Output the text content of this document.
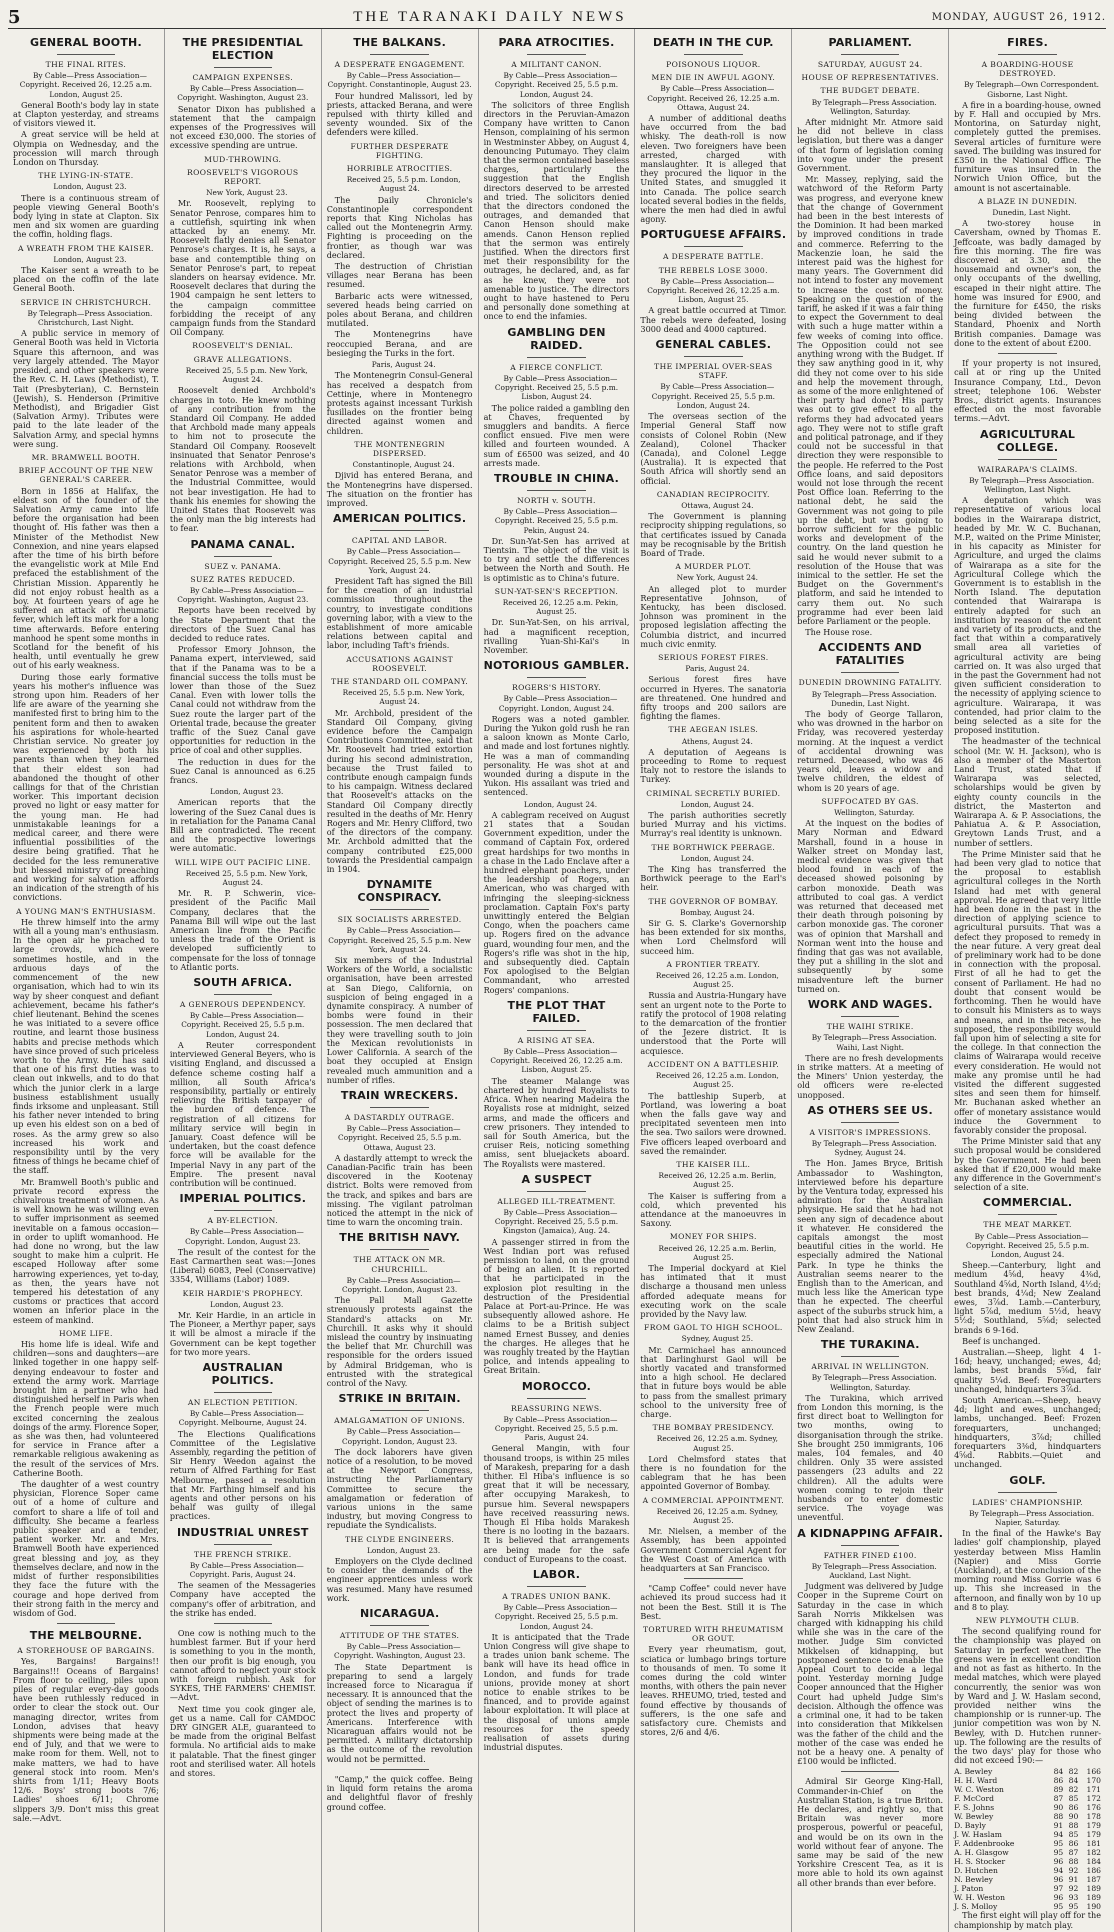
5	THE TARANAKI DAILY NEWS	MONDAY, AUGUST 26, 1912.
GENERAL BOOTH.
THE FINAL RITES.

By Cable—Press Association—Copyright. Received 26, 12.25 a.m. London, August 25.

General Booth's body lay in state at Clapton yesterday, and streams of visitors viewed it.

A great service will be held at Olympia on Wednesday, and the procession will march through London on Thursday.

THE LYING-IN-STATE.

London, August 23.

There is a continuous stream of people viewing General Booth's body lying in state at Clapton. Six men and six women are guarding the coffin, holding flags.

A WREATH FROM THE KAISER.

London, August 23.

The Kaiser sent a wreath to be placed on the coffin of the late General Booth.

SERVICE IN CHRISTCHURCH.

By Telegraph—Press Association. Christchurch, Last Night.

A public service in memory of General Booth was held in Victoria Square this afternoon, and was very largely attended. The Mayor presided, and other speakers were the Rev. C. H. Laws (Methodist), T. Tait (Presbyterian), C. Bernstein (Jewish), S. Henderson (Primitive Methodist), and Brigadier Gist (Salvation Army). Tributes were paid to the late leader of the Salvation Army, and special hymns were sung.

MR. BRAMWELL BOOTH.
BRIEF ACCOUNT OF THE NEW GENERAL'S CAREER.

Born in 1856 at Halifax, the eldest son of the founder of the Salvation Army came into life before the organisation had been thought of. His father was then a Minister of the Methodist New Connexion, and nine years elapsed after the time of his birth before the evangelistic work at Mile End prefaced the establishment of the Christian Mission. Apparently he did not enjoy robust health as a boy. At fourteen years of age he suffered an attack of rheumatic fever, which left its mark for a long time afterwards. Before entering manhood he spent some months in Scotland for the benefit of his health, until eventually he grew out of his early weakness.

During those early formative years his mother's influence was strong upon him. Readers of her life are aware of the yearning she manifested first to bring him to the penitent form and then to awaken his aspirations for whole-hearted Christian service. No greater joy was experienced by both his parents than when they learned that their eldest son had abandoned the thought of other callings for that of the Christian worker. This important decision proved no light or easy matter for the young man. He had unmistakable leanings for a medical career, and there were influential possibilities of the desire being gratified. That he decided for the less remunerative but blessed ministry of preaching and working for salvation affords an indication of the strength of his convictions.

A YOUNG MAN'S ENTHUSIASM.

He threw himself into the army with all a young man's enthusiasm. In the open air he preached to large crowds, which were sometimes hostile, and in the arduous days of the commencement of the new organisation, which had to win its way by sheer conquest and defiant achievement, became his father's chief lieutenant. Behind the scenes he was initiated to a severe office routine, and learnt those business habits and precise methods which have since proved of such priceless worth to the Army. He has said that one of his first duties was to clean out inkwells, and to do that which the junior clerk in a large business establishment usually finds irksome and unpleasant. Still his father never intended to bring up even his eldest son on a bed of roses. As the army grew so also increased his work and responsibility until by the very fitness of things he became chief of the staff.

Mr. Bramwell Booth's public and private record express the chivalrous treatment of women. As is well known he was willing even to suffer imprisonment as seemed inevitable on a famous occasion—in order to uplift womanhood. He had done no wrong, but the law sought to make him a culprit. He escaped Holloway after some harrowing experiences, yet to-day, as then, the years have not tempered his detestation of any customs or practices that accord women an inferior place in the esteem of mankind.

HOME LIFE.

His home life is ideal. Wife and children—sons and daughters—are linked together in one happy self-denying endeavour to foster and extend the army work. Marriage brought him a partner who had distinguished herself in Paris when the French people were much excited concerning the zealous doings of the army. Florence Soper, as she was then, had volunteered for service in France after a remarkable religious awakening as the result of the services of Mrs. Catherine Booth.

The daughter of a west country physician, Florence Soper came out of a home of culture and comfort to share a life of toil and difficulty. She became a fearless public speaker and a tender, patient worker. Mr. and Mrs. Bramwell Booth have experienced great blessing and joy, as they themselves declare, and now in the midst of further responsibilities they face the future with the courage and hope derived from their strong faith in the mercy and wisdom of God.

THE MELBOURNE.
A STOREHOUSE OF BARGAINS.

Yes, Bargains! Bargains!! Bargains!!! Oceans of Bargains! From floor to ceiling, piles upon piles of regular every-day goods have been ruthlessly reduced in order to clear the stock out. Our managing director, writes from London, advises that heavy shipments were being made at the end of July, and that we were to make room for them. Well, not to make matters, we had to have general stock into room. Men's shirts from 1/11; Heavy Boots 12/6. Boys' strong boots 7/6; Ladies' shoes 6/11; Chrome slippers 3/9. Don't miss this great sale.—Advt.

THE PRESIDENTIAL ELECTION
CAMPAIGN EXPENSES.

By Cable—Press Association—Copyright. Washington, August 23.

Senator Dixon has published a statement that the campaign expenses of the Progressives will not exceed £30,000. The stories of excessive spending are untrue.

MUD-THROWING.
ROOSEVELT'S VIGOROUS REPORT.

New York, August 23.

Mr. Roosevelt, replying to Senator Penrose, compares him to a cuttlefish, squirting ink when attacked by an enemy. Mr. Roosevelt flatly denies all Senator Penrose's charges. It is, he says, a base and contemptible thing on Senator Penrose's part, to repeat slanders on hearsay evidence. Mr. Roosevelt declares that during the 1904 campaign he sent letters to the campaign committee forbidding the receipt of any campaign funds from the Standard Oil Company.

ROOSEVELT'S DENIAL.
GRAVE ALLEGATIONS.

Received 25, 5.5 p.m. New York, August 24.

Roosevelt denied Archbold's charges in toto. He knew nothing of any contribution from the Standard Oil Company. He added that Archbold made many appeals to him not to prosecute the Standard Oil Company. Roosevelt insinuated that Senator Penrose's relations with Archbold, when Senator Penrose was a member of the Industrial Committee, would not bear investigation. He had to thank his enemies for showing the United States that Roosevelt was the only man the big interests had to fear.

PANAMA CANAL.
SUEZ v. PANAMA.
SUEZ RATES REDUCED.

By Cable—Press Association—Copyright. Washington, August 23.

Reports have been received by the State Department that the directors of the Suez Canal has decided to reduce rates.

Professor Emory Johnson, the Panama expert, interviewed, said that if the Panama was to be a financial success the tolls must be lower than those of the Suez Canal. Even with lower tolls the Canal could not withdraw from the Suez route the larger part of the Oriental trade, because the greater traffic of the Suez Canal gave opportunities for reduction in the price of coal and other supplies.

The reduction in dues for the Suez Canal is announced as 6.25 francs.

London, August 23.

American reports that the lowering of the Suez Canal dues is in retaliation for the Panama Canal Bill are contradicted. The recent and the prospective lowerings were automatic.

WILL WIPE OUT PACIFIC LINE.

Received 25, 5.5 p.m. New York, August 24.

Mr. R. P. Schwerin, vice-president of the Pacific Mail Company, declares that the Panama Bill will wipe out the last American line from the Pacific unless the trade of the Orient is developed sufficiently to compensate for the loss of tonnage to Atlantic ports.

SOUTH AFRICA.
A GENEROUS DEPENDENCY.

By Cable—Press Association—Copyright. Received 25, 5.5 p.m. London, August 24.

A Reuter correspondent interviewed General Beyers, who is visiting England, and discussed a defence scheme costing half a million, all South Africa's responsibility, partially or entirely relieving the British taxpayer of the burden of defence. The registration of all citizens for military service will begin in January. Coast defence will be undertaken, but the coast defence force will be available for the Imperial Navy in any part of the Empire. The present naval contribution will be continued.

IMPERIAL POLITICS.
A BY-ELECTION.

By Cable—Press Association—Copyright. London, August 23.

The result of the contest for the East Carmarthen seat was:—Jones (Liberal) 6083, Peel (Conservative) 3354, Williams (Labor) 1089.

KEIR HARDIE'S PROPHECY.

London, August 23.

Mr. Keir Hardie, in an article in The Pioneer, a Merthyr paper, says it will be almost a miracle if the Government can be kept together for two more years.

AUSTRALIAN POLITICS.
AN ELECTION PETITION.

By Cable—Press Association—Copyright. Melbourne, August 24.

The Elections Qualifications Committee of the Legislative Assembly, regarding the petition of Sir Henry Weedon against the return of Alfred Farthing for East Melbourne, passed a resolution that Mr. Farthing himself and his agents and other persons on his behalf was guilty of illegal practices.

INDUSTRIAL UNREST
THE FRENCH STRIKE.

By Cable—Press Association—Copyright. Paris, August 24.

The seamen of the Messageries Company have accepted the company's offer of arbitration, and the strike has ended.

One cow is nothing much to the humblest farmer. But if your herd is something to you in the month, then our profit is big enough, you cannot afford to neglect your stock with foreign rubbish. Ask for SYKES, THE FARMERS' CHEMIST.—Advt.

Next time you cook ginger ale, get us a name. Call for CAMDOC DRY GINGER ALE, guaranteed to be made from the original Belfast formula. No artificial aids to make it palatable. That the finest ginger root and sterilised water. All hotels and stores.

THE BALKANS.
A DESPERATE ENGAGEMENT.

By Cable—Press Association—Copyright. Constantinople, August 23.

Four hundred Malissori, led by priests, attacked Berana, and were repulsed with thirty killed and seventy wounded. Six of the defenders were killed.

FURTHER DESPERATE FIGHTING.
HORRIBLE ATROCITIES.

Received 25, 5.5 p.m. London, August 24.

The Daily Chronicle's Constantinople correspondent reports that King Nicholas has called out the Montenegrin Army. Fighting is proceeding on the frontier, as though war was declared.

The destruction of Christian villages near Berana has been resumed.

Barbaric acts were witnessed, severed heads being carried on poles about Berana, and children mutilated.

The Montenegrins have reoccupied Berana, and are besieging the Turks in the fort.

Paris, August 24.

The Montenegrin Consul-General has received a despatch from Cettinje, where in Montenegro protests against incessant Turkish fusillades on the frontier being directed against women and children.

THE MONTENEGRIN DISPERSED.

Constantinople, August 24.

Djivid has entered Berana, and the Montenegrins have dispersed. The situation on the frontier has improved.

AMERICAN POLITICS.
CAPITAL AND LABOR.

By Cable—Press Association—Copyright. Received 25, 5.5 p.m. New York, August 24.

President Taft has signed the Bill for the creation of an industrial commission throughout the country, to investigate conditions governing labor, with a view to the establishment of more amicable relations between capital and labor, including Taft's friends.

ACCUSATIONS AGAINST ROOSEVELT.
THE STANDARD OIL COMPANY.

Received 25, 5.5 p.m. New York, August 24.

Mr. Archbold, president of the Standard Oil Company, giving evidence before the Campaign Contributions Committee, said that Mr. Roosevelt had tried extortion during his second administration, because the Trust failed to contribute enough campaign funds to his campaign. Witness declared that Roosevelt's attacks on the Standard Oil Company directly resulted in the deaths of Mr. Henry Rogers and Mr. Henry Clifford, two of the directors of the company. Mr. Archbold admitted that the company contributed £25,000 towards the Presidential campaign in 1904.

DYNAMITE CONSPIRACY.
SIX SOCIALISTS ARRESTED.

By Cable—Press Association—Copyright. Received 25, 5.5 p.m. New York, August 24.

Six members of the Industrial Workers of the World, a socialistic organisation, have been arrested at San Diego, California, on suspicion of being engaged in a dynamite conspiracy. A number of bombs were found in their possession. The men declared that they were travelling south to join the Mexican revolutionists in Lower California. A search of the boat they occupied at Ensign revealed much ammunition and a number of rifles.

TRAIN WRECKERS.
A DASTARDLY OUTRAGE.

By Cable—Press Association—Copyright. Received 25, 5.5 p.m. Ottawa, August 23.

A dastardly attempt to wreck the Canadian-Pacific train has been discovered in the Kootenay district. Bolts were removed from the track, and spikes and bars are missing. The vigilant patrolman noticed the attempt in the nick of time to warn the oncoming train.

THE BRITISH NAVY.
THE ATTACK ON MR. CHURCHILL.

By Cable—Press Association—Copyright. London, August 23.

The Pall Mall Gazette strenuously protests against the Standard's attacks on Mr. Churchill. It asks why it should mislead the country by insinuating the belief that Mr. Churchill was responsible for the orders issued by Admiral Bridgeman, who is entrusted with the strategical control of the Navy.

STRIKE IN BRITAIN.
AMALGAMATION OF UNIONS.

By Cable—Press Association—Copyright. London, August 23.

The dock laborers have given notice of a resolution, to be moved at the Newport Congress, instructing the Parliamentary Committee to secure the amalgamation or federation of various unions in the same industry, but moving Congress to repudiate the Syndicalists.

THE CLYDE ENGINEERS.

London, August 23.

Employers on the Clyde declined to consider the demands of the engineer apprentices unless work was resumed. Many have resumed work.

NICARAGUA.
ATTITUDE OF THE STATES.

By Cable—Press Association—Copyright. Washington, August 23.

The State Department is preparing to send a largely increased force to Nicaragua if necessary. It is announced that the object of sending the marines is to protect the lives and property of Americans. Interference with Nicaraguan affairs would not be permitted. A military dictatorship as the outcome of the revolution would not be permitted.

"Camp," the quick coffee. Being in liquid form retains the aroma and delightful flavor of freshly ground coffee.

PARA ATROCITIES.
A MILITANT CANON.

By Cable—Press Association—Copyright. Received 25, 5.5 p.m. London, August 24.

The solicitors of three English directors in the Peruvian-Amazon Company have written to Canon Henson, complaining of his sermon in Westminster Abbey, on August 4, denouncing Putumayo. They claim that the sermon contained baseless charges, particularly the suggestion that the English directors deserved to be arrested and tried. The solicitors denied that the directors condoned the outrages, and demanded that Canon Henson should make amends. Canon Henson replied that the sermon was entirely justified. When the directors first met their responsibility for the outrages, he declared, and, as far as he knew, they were not amenable to justice. The directors ought to have hastened to Peru and personally done something at once to end the infamies.

GAMBLING DEN RAIDED.
A FIERCE CONFLICT.

By Cable—Press Association—Copyright. Received 25, 5.5 p.m. Lisbon, August 24.

The police raided a gambling den at Chaves, frequented by smugglers and bandits. A fierce conflict ensued. Five men were killed and fourteen wounded. A sum of £6500 was seized, and 40 arrests made.

TROUBLE IN CHINA.
NORTH v. SOUTH.

By Cable—Press Association—Copyright. Received 25, 5.5 p.m. Pekin, August 24.

Dr. Sun-Yat-Sen has arrived at Tientsin. The object of the visit is to try and settle the differences between the North and South. He is optimistic as to China's future.

SUN-YAT-SEN'S RECEPTION.

Received 26, 12.25 a.m. Pekin, August 25.

Dr. Sun-Yat-Sen, on his arrival, had a magnificent reception, rivalling Yuan-Shi-Kai's in November.

NOTORIOUS GAMBLER.
ROGERS'S HISTORY.

By Cable—Press Association—Copyright. London, August 24.

Rogers was a noted gambler. During the Yukon gold rush he ran a saloon known as Monte Carlo, and made and lost fortunes nightly. He was a man of commanding personality. He was shot at and wounded during a dispute in the Yukon. His assailant was tried and sentenced.

London, August 24.

A cablegram received on August 21 states that a Soudan Government expedition, under the command of Captain Fox, ordered great hardships for two months in a chase in the Lado Enclave after a hundred elephant poachers, under the leadership of Rogers, an American, who was charged with infringing the sleeping-sickness proclamation. Captain Fox's party unwittingly entered the Belgian Congo, when the poachers came up. Rogers fired on the advance guard, wounding four men, and the Rogers's rifle was shot in the hip, and subsequently died. Captain Fox apologised to the Belgian Commandant, who arrested Rogers' companions.

THE PLOT THAT FAILED.
A RISING AT SEA.

By Cable—Press Association—Copyright. Received 26, 12.25 a.m. Lisbon, August 25.

The steamer Malange was chartered by hundred Royalists to Africa. When nearing Madeira the Royalists rose at midnight, seized arms, and made the officers and crew prisoners. They intended to sail for South America, but the cruiser Reis, noticing something amiss, sent bluejackets aboard. The Royalists were mastered.

A SUSPECT
ALLEGED ILL-TREATMENT.

By Cable—Press Association—Copyright. Received 25, 5.5 p.m. Kingston (Jamaica), Aug. 24.

A passenger stirred in from the West Indian port was refused permission to land, on the ground of being an alien. It is reported that he participated in the explosion plot resulting in the destruction of the Presidential Palace at Port-au-Prince. He was subsequently allowed ashore. He claims to be a British subject named Ernest Bussey, and denies the charges. He alleges that he was roughly treated by the Haytian police, and intends appealing to Great Britain.

MOROCCO.
REASSURING NEWS.

By Cable—Press Association—Copyright. Received 25, 5.5 p.m. Paris, August 24.

General Mangin, with four thousand troops, is within 25 miles of Marakesh, preparing for a dash thither. El Hiba's influence is so great that it will be necessary, after occupying Marakesh, to pursue him. Several newspapers have received reassuring news. Though El Hiba holds Marakesh there is no looting in the bazaars. It is believed that arrangements are being made for the safe conduct of Europeans to the coast.

LABOR.
A TRADES UNION BANK.

By Cable—Press Association—Copyright. Received 25, 5.5 p.m. London, August 24.

It is anticipated that the Trade Union Congress will give shape to a trades union bank scheme. The bank will have its head office in London, and funds for trade unions, provide money at short notice to enable strikes to be financed, and to provide against labour exploitation. It will place at the disposal of unions ample resources for the speedy realisation of assets during industrial disputes.

DEATH IN THE CUP.
POISONOUS LIQUOR.
MEN DIE IN AWFUL AGONY.

By Cable—Press Association—Copyright. Received 26, 12.25 a.m. Ottawa, August 24.

A number of additional deaths have occurred from the bad whisky. The death-roll is now eleven. Two foreigners have been arrested, charged with manslaughter. It is alleged that they procured the liquor in the United States, and smuggled it into Canada. The police search located several bodies in the fields, where the men had died in awful agony.

PORTUGUESE AFFAIRS.
A DESPERATE BATTLE.
THE REBELS LOSE 3000.

By Cable—Press Association—Copyright. Received 26, 12.25 a.m. Lisbon, August 25.

A great battle occurred at Timor. The rebels were defeated, losing 3000 dead and 4000 captured.

GENERAL CABLES.
THE IMPERIAL OVER-SEAS STAFF.

By Cable—Press Association—Copyright. Received 25, 5.5 p.m. London, August 24.

The overseas section of the Imperial General Staff now consists of Colonel Robin (New Zealand), Colonel Thacker (Canada), and Colonel Legge (Australia). It is expected that South Africa will shortly send an official.

CANADIAN RECIPROCITY.

Ottawa, August 24.

The Government is planning reciprocity shipping regulations, so that certificates issued by Canada may be recognisable by the British Board of Trade.

A MURDER PLOT.

New York, August 24.

An alleged plot to murder Representative Johnson, of Kentucky, has been disclosed. Johnson was prominent in the proposed legislation affecting the Columbia district, and incurred much civic enmity.

SERIOUS FOREST FIRES.

Paris, August 24.

Serious forest fires have occurred in Hyeres. The sanatoria are threatened. One hundred and fifty troops and 200 sailors are fighting the flames.

THE AEGEAN ISLES.

Athens, August 24.

A deputation of Aegeans is proceeding to Rome to request Italy not to restore the islands to Turkey.

CRIMINAL SECRETLY BURIED.

London, August 24.

The parish authorities secretly buried Murray and his victims. Murray's real identity is unknown.

THE BORTHWICK PEERAGE.

London, August 24.

The King has transferred the Borthwick peerage to the Earl's heir.

THE GOVERNOR OF BOMBAY.

Bombay, August 24.

Sir G. S. Clarke's Governorship has been extended for six months, when Lord Chelmsford will succeed him.

A FRONTIER TREATY.

Received 26, 12.25 a.m. London, August 25.

Russia and Austria-Hungary have sent an urgent note to the Porte to ratify the protocol of 1908 relating to the demarcation of the frontier of the Jezere district. It is understood that the Porte will acquiesce.

ACCIDENT ON A BATTLESHIP.

Received 26, 12.25 a.m. London, August 25.

The battleship Superb, at Portland, was lowering a boat when the falls gave way and precipitated seventeen men into the sea. Two sailors were drowned. Five officers leaped overboard and saved the remainder.

THE KAISER ILL.

Received 26, 12.25 a.m. Berlin, August 25.

The Kaiser is suffering from a cold, which prevented his attendance at the manoeuvres in Saxony.

MONEY FOR SHIPS.

Received 26, 12.25 a.m. Berlin, August 25.

The Imperial dockyard at Kiel has intimated that it must discharge a thousand men unless afforded adequate means for executing work on the scale provided by the Navy law.

FROM GAOL TO HIGH SCHOOL.

Sydney, August 25.

Mr. Carmichael has announced that Darlinghurst Gaol will be shortly vacated and transformed into a high school. He declared that in future boys would be able to pass from the smallest primary school to the university free of charge.

THE BOMBAY PRESIDENCY.

Received 26, 12.25 a.m. Sydney, August 25.

Lord Chelmsford states that there is no foundation for the cablegram that he has been appointed Governor of Bombay.

A COMMERCIAL APPOINTMENT.

Received 26, 12.25 a.m. Sydney, August 25.

Mr. Nielsen, a member of the Assembly, has been appointed Government Commercial Agent for the West Coast of America with headquarters at San Francisco.

"Camp Coffee" could never have achieved its proud success had it not been the Best. Still it is The Best.

TORTURED WITH RHEUMATISM OR GOUT.

Every year rheumatism, gout, sciatica or lumbago brings torture to thousands of men. To some it comes during the cold winter months, with others the pain never leaves. RHEUMO, tried, tested and found effective by thousands of sufferers, is the one safe and satisfactory cure. Chemists and stores, 2/6 and 4/6.

PARLIAMENT.
SATURDAY, AUGUST 24.
HOUSE OF REPRESENTATIVES.
THE BUDGET DEBATE.

By Telegraph—Press Association. Wellington, Saturday.

After midnight Mr. Atmore said he did not believe in class legislation, but there was a danger of that form of legislation coming into vogue under the present Government.

Mr. Massey, replying, said the watchword of the Reform Party was progress, and everyone knew that the change of Government had been in the best interests of the Dominion. It had been marked by improved conditions in trade and commerce. Referring to the Mackenzie loan, he said the interest paid was the highest for many years. The Government did not intend to foster any movement to increase the cost of money. Speaking on the question of the tariff, he asked if it was a fair thing to expect the Government to deal with such a huge matter within a few weeks of coming into office. The Opposition could not see anything wrong with the Budget. If they saw anything good in it, why did they not come over to his side and help the movement through, as some of the more enlightened of their party had done? His party was out to give effect to all the reforms they had advocated years ago. They were not to stifle graft and political patronage, and if they could not be successful in that direction they were responsible to the people. He referred to the Post Office loans, and said depositors would not lose through the recent Post Office loan. Referring to the national debt, he said the Government was not going to pile up the debt, but was going to borrow sufficient for the public works and development of the country. On the land question he said he would never submit to a resolution of the House that was inimical to the settler. He set the Budget on the Government's platform, and said he intended to carry them out. No such programme had ever been laid before Parliament or the people.

The House rose.

ACCIDENTS AND FATALITIES
DUNEDIN DROWNING FATALITY.

By Telegraph—Press Association. Dunedin, Last Night.

The body of George Tallaron, who was drowned in the harbor on Friday, was recovered yesterday morning. At the inquest a verdict of accidental drowning was returned. Deceased, who was 46 years old, leaves a widow and twelve children, the eldest of whom is 20 years of age.

SUFFOCATED BY GAS.

Wellington, Saturday.

At the inquest on the bodies of Mary Norman and Edward Marshall, found in a house in Walker street on Monday last, medical evidence was given that blood found in each of the deceased showed poisoning by carbon monoxide. Death was attributed to coal gas. A verdict was returned that deceased met their death through poisoning by carbon monoxide gas. The coroner was of opinion that Marshall and Norman went into the house and finding that gas was not available, they put a shilling in the slot and subsequently by some misadventure left the burner turned on.

WORK AND WAGES.
THE WAIHI STRIKE.

By Telegraph—Press Association. Waihi, Last Night.

There are no fresh developments in strike matters. At a meeting of the Miners' Union yesterday, the old officers were re-elected unopposed.

AS OTHERS SEE US.
A VISITOR'S IMPRESSIONS.

By Telegraph—Press Association. Sydney, August 24.

The Hon. James Bryce, British Ambassador to Washington, interviewed before his departure by the Ventura today, expressed his admiration for the Australian physique. He said that he had not seen any sign of decadence about it whatever. He considered the capitals amongst the most beautiful cities in the world. He especially admired the National Park. In type he thinks the Australian seems nearer to the English than to the American, and much less like the American type than he expected. The cheerful aspect of the suburbs struck him, a point that had also struck him in New Zealand.

THE TURAKINA.
ARRIVAL IN WELLINGTON.

By Telegraph—Press Association. Wellington, Saturday.

The Turakina, which arrived from London this morning, is the first direct boat to Wellington for two months, owing to disorganisation through the strike. She brought 250 immigrants, 106 males, 104 females, and 40 children. Only 35 were assisted passengers (23 adults and 22 children). All the adults were women coming to rejoin their husbands or to enter domestic service. The voyage was uneventful.

A KIDNAPPING AFFAIR.
FATHER FINED £100.

By Telegraph—Press Association. Auckland, Last Night.

Judgment was delivered by Judge Cooper in the Supreme Court on Saturday in the case in which Sarah Norris Mikkelsen was charged with kidnapping his child while she was in the care of the mother. Judge Sim convicted Mikkelsen of kidnapping, but postponed sentence to enable the Appeal Court to decide a legal point. Yesterday morning Judge Cooper announced that the Higher Court had upheld Judge Sim's decision. Although the offence was a criminal one, it had to be taken into consideration that Mikkelsen was the father of the child and the mother of the case was ended he not be a heavy one. A penalty of £100 would be inflicted.

Admiral Sir George King-Hall, Commander-in-Chief on the Australian Station, is a true Briton. He declares, and rightly so, that Britain was never more prosperous, powerful or peaceful, and would be on its own in the world without fear of anyone. The same may be said of the new Yorkshire Crescent Tea, as it is more able to hold its own against all other brands than ever before.

FIRES.
A BOARDING-HOUSE DESTROYED.

By Telegraph—Own Correspondent. Gisborne, Last Night.

A fire in a boarding-house, owned by F. Hall and occupied by Mrs. Montorina, on Saturday night, completely gutted the premises. Several articles of furniture were saved. The building was insured for £350 in the National Office. The furniture was insured in the Norwich Union Office, but the amount is not ascertainable.

A BLAZE IN DUNEDIN.

Dunedin, Last Night.

A two-storey house in Caversham, owned by Thomas E. Jeffcoate, was badly damaged by fire this morning. The fire was discovered at 3.30, and the housemaid and owner's son, the only occupants of the dwelling, escaped in their night attire. The home was insured for £900, and the furniture for £450, the risks being divided between the Standard, Phoenix and North British companies. Damage was done to the extent of about £200.

If your property is not insured, call at or ring up the United Insurance Company, Ltd., Devon street; telephone 106. Webster Bros., district agents. Insurances effected on the most favorable terms.—Advt.

AGRICULTURAL COLLEGE.
WAIRARAPA'S CLAIMS.

By Telegraph—Press Association. Wellington, Last Night.

A deputation which was representative of various local bodies in the Wairarapa district, headed by Mr. W. C. Buchanan, M.P., waited on the Prime Minister, in his capacity as Minister for Agriculture, and urged the claims of Wairarapa as a site for the Agricultural College which the Government is to establish in the North Island. The deputation contended that Wairarapa is entirely adapted for such an institution by reason of the extent and variety of its products, and the fact that within a comparatively small area all varieties of agricultural activity are being carried on. It was also urged that in the past the Government had not given sufficient consideration to the necessity of applying science to agriculture. Wairarapa, it was contended, had prior claim to the being selected as a site for the proposed institution.

The headmaster of the technical school (Mr. W. H. Jackson), who is also a member of the Masterton Land Trust, stated that if Wairarapa was selected, scholarships would be given by eighty county councils in the district, the Masterton and Wairarapa A. & P. Associations, the Pahiatua A. & P. Association, Greytown Lands Trust, and a number of settlers.

The Prime Minister said that he had been very glad to notice that the proposal to establish agricultural colleges in the North Island had met with general approval. He agreed that very little had been done in the past in the direction of applying science to agricultural pursuits. That was a defect they proposed to remedy in the near future. A very great deal of preliminary work had to be done in connection with the proposal. First of all he had to get the consent of Parliament. He had no doubt that consent would be forthcoming. Then he would have to consult his Ministers as to ways and means, and in the recess, he supposed, the responsibility would fall upon him of selecting a site for the college. In that connection the claims of Wairarapa would receive every consideration. He would not make any promise until he had visited the different suggested sites and seen them for himself. Mr. Buchanan asked whether an offer of monetary assistance would induce the Government to favorably consider the proposal.

The Prime Minister said that any such proposal would be considered by the Government. He had been asked that if £20,000 would make any difference in the Government's selection of a site.

COMMERCIAL.
THE MEAT MARKET.

By Cable—Press Association—Copyright. Received 25, 5.5 p.m. London, August 24.

Sheep.—Canterbury, light and medium 4⅝d, heavy 4⅜d, Southland 4⅝d, North Island, 4½d; best brands, 4¼d; New Zealand ewes, 3⅞d. Lamb.—Canterbury, light 5⅞d, medium 5½d, heavy 5½d; Southland, 5⅝d; selected brands 6 9-16d.

Beef is unchanged.

Australian.—Sheep, light 4 1-16d; heavy, unchanged; ewes, 4d; lambs, best brands 5⅝d, fair quality 5¼d. Beef: Forequarters unchanged, hindquarters 3⅞d.

South American.—Sheep, heavy 4d; light and ewes, unchanged; lambs, unchanged. Beef: Frozen forequarters, unchanged; hindquarters, 3⅞d; chilled forequarters 3⅜d, hindquarters 4⅝d. Rabbits.—Quiet and unchanged.

GOLF.
LADIES' CHAMPIONSHIP.

By Telegraph—Press Association. Napier, Saturday.

In the final of the Hawke's Bay ladies' golf championship, played yesterday between Miss Hamlin (Napier) and Miss Gorrie (Auckland), at the conclusion of the morning round Miss Gorrie was 6 up. This she increased in the afternoon, and finally won by 10 up and 8 to play.

NEW PLYMOUTH CLUB.

The second qualifying round for the championship was played on Saturday in perfect weather. The greens were in excellent condition and not as fast as hitherto. In the medal matches, which were played concurrently, the senior was won by Ward and J. W. Haslam second, provided neither wins the championship or is runner-up. The junior competition was won by N. Bewley, with D. Hutchen runner-up. The following are the results of the two days' play for those who did not exceed 190:—

A. Bewley	84	82	166
H. H. Ward	86	84	170
W. C. Weston	89	82	171
F. McCord	87	85	172
F. S. Johns	90	86	176
W. Bewley	88	90	178
D. Bayly	91	88	179
J. W. Haslam	94	85	179
F. Addenbrooke	95	86	181
A. H. Glasgow	95	87	182
H. S. Stocker	96	88	184
D. Hutchen	94	92	186
N. Bewley	96	91	187
J. Paton	97	92	189
W. H. Weston	96	93	189
J. S. Molloy	95	95	190

The first eight will play off for the championship by match play.
